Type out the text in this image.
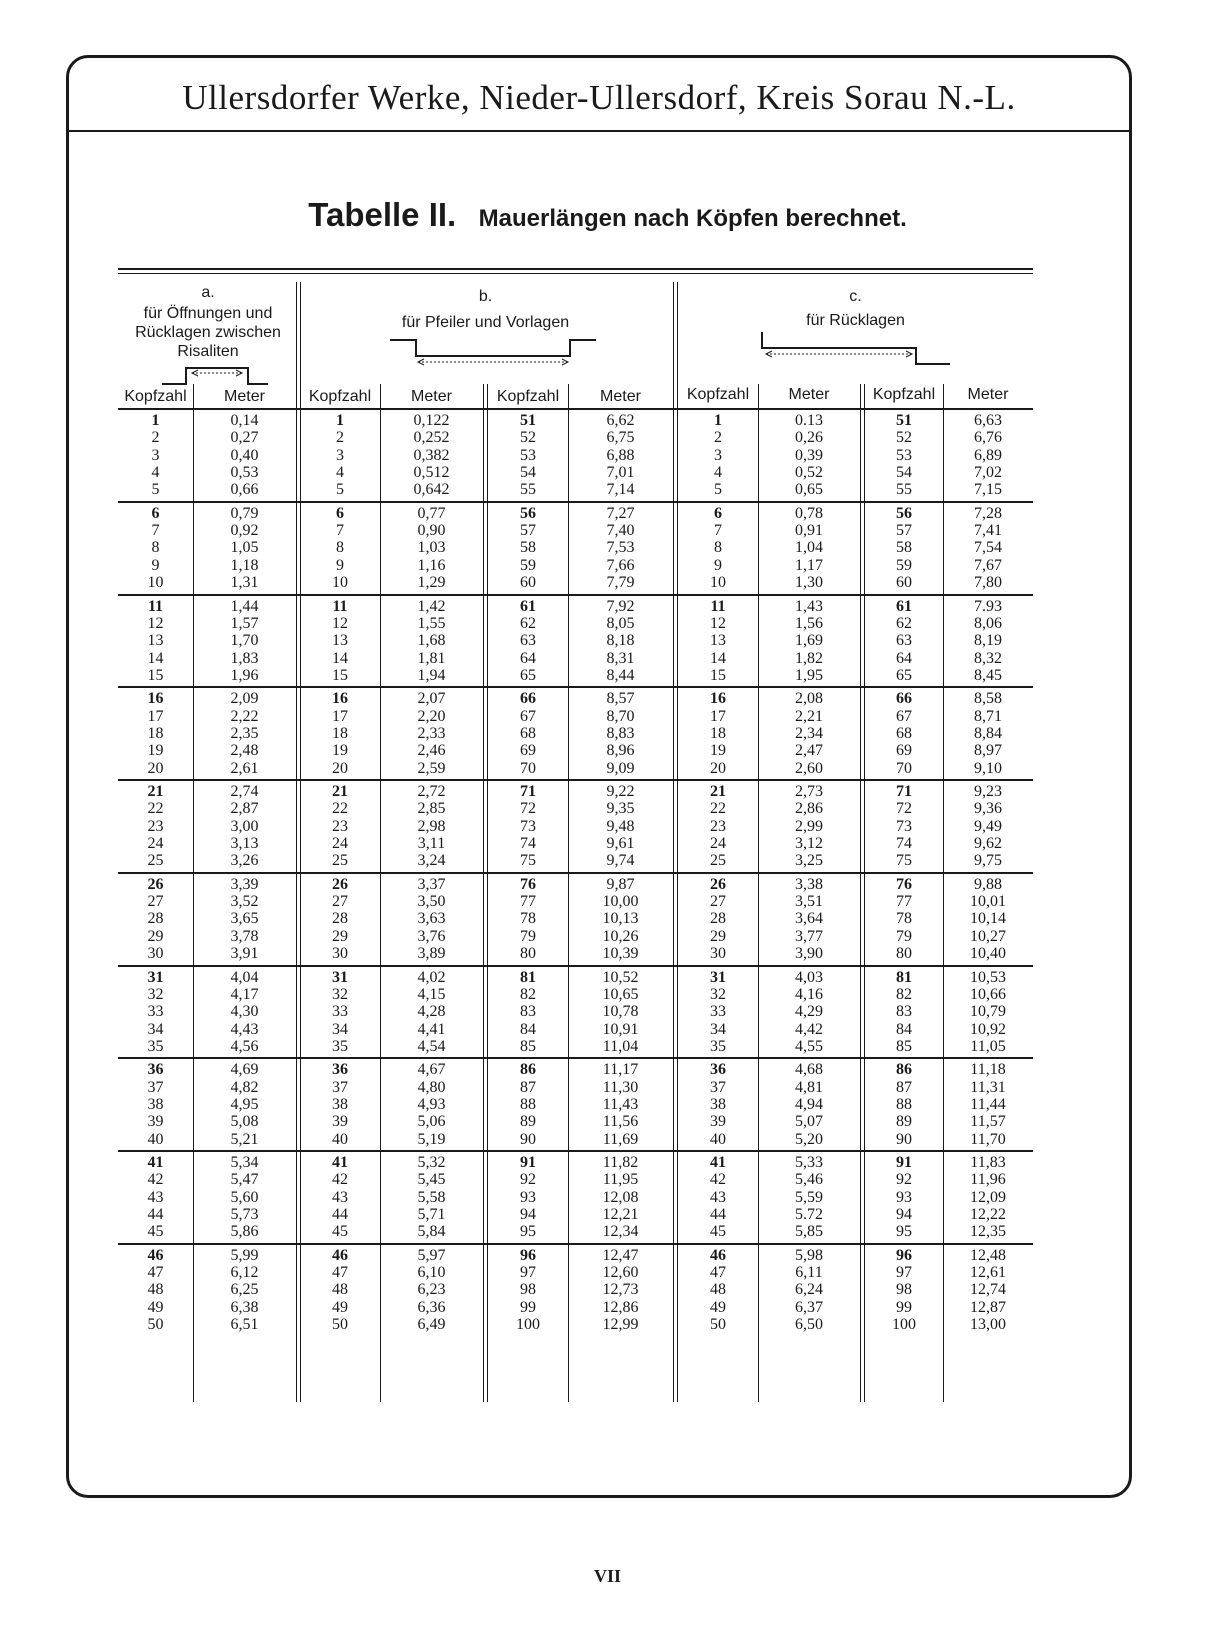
Ullersdorfer Werke, Nieder-Ullersdorf, Kreis Sorau N.-L.
Tabelle II. Mauerlängen nach Köpfen berechnet.
a.
für Öffnungen und Rücklagen zwischen Risaliten
b.
für Pfeiler und Vorlagen
c.
für Rücklagen
Kopfzahl	Meter	Kopfzahl	Meter	Kopfzahl	Meter	Kopfzahl	Meter	Kopfzahl	Meter
1	0,14	1	0,122	51	6,62	1	0.13	51	6,63
2	0,27	2	0,252	52	6,75	2	0,26	52	6,76
3	0,40	3	0,382	53	6,88	3	0,39	53	6,89
4	0,53	4	0,512	54	7,01	4	0,52	54	7,02
5	0,66	5	0,642	55	7,14	5	0,65	55	7,15
6	0,79	6	0,77	56	7,27	6	0,78	56	7,28
7	0,92	7	0,90	57	7,40	7	0,91	57	7,41
8	1,05	8	1,03	58	7,53	8	1,04	58	7,54
9	1,18	9	1,16	59	7,66	9	1,17	59	7,67
10	1,31	10	1,29	60	7,79	10	1,30	60	7,80
11	1,44	11	1,42	61	7,92	11	1,43	61	7.93
12	1,57	12	1,55	62	8,05	12	1,56	62	8,06
13	1,70	13	1,68	63	8,18	13	1,69	63	8,19
14	1,83	14	1,81	64	8,31	14	1,82	64	8,32
15	1,96	15	1,94	65	8,44	15	1,95	65	8,45
16	2,09	16	2,07	66	8,57	16	2,08	66	8,58
17	2,22	17	2,20	67	8,70	17	2,21	67	8,71
18	2,35	18	2,33	68	8,83	18	2,34	68	8,84
19	2,48	19	2,46	69	8,96	19	2,47	69	8,97
20	2,61	20	2,59	70	9,09	20	2,60	70	9,10
21	2,74	21	2,72	71	9,22	21	2,73	71	9,23
22	2,87	22	2,85	72	9,35	22	2,86	72	9,36
23	3,00	23	2,98	73	9,48	23	2,99	73	9,49
24	3,13	24	3,11	74	9,61	24	3,12	74	9,62
25	3,26	25	3,24	75	9,74	25	3,25	75	9,75
26	3,39	26	3,37	76	9,87	26	3,38	76	9,88
27	3,52	27	3,50	77	10,00	27	3,51	77	10,01
28	3,65	28	3,63	78	10,13	28	3,64	78	10,14
29	3,78	29	3,76	79	10,26	29	3,77	79	10,27
30	3,91	30	3,89	80	10,39	30	3,90	80	10,40
31	4,04	31	4,02	81	10,52	31	4,03	81	10,53
32	4,17	32	4,15	82	10,65	32	4,16	82	10,66
33	4,30	33	4,28	83	10,78	33	4,29	83	10,79
34	4,43	34	4,41	84	10,91	34	4,42	84	10,92
35	4,56	35	4,54	85	11,04	35	4,55	85	11,05
36	4,69	36	4,67	86	11,17	36	4,68	86	11,18
37	4,82	37	4,80	87	11,30	37	4,81	87	11,31
38	4,95	38	4,93	88	11,43	38	4,94	88	11,44
39	5,08	39	5,06	89	11,56	39	5,07	89	11,57
40	5,21	40	5,19	90	11,69	40	5,20	90	11,70
41	5,34	41	5,32	91	11,82	41	5,33	91	11,83
42	5,47	42	5,45	92	11,95	42	5,46	92	11,96
43	5,60	43	5,58	93	12,08	43	5,59	93	12,09
44	5,73	44	5,71	94	12,21	44	5.72	94	12,22
45	5,86	45	5,84	95	12,34	45	5,85	95	12,35
46	5,99	46	5,97	96	12,47	46	5,98	96	12,48
47	6,12	47	6,10	97	12,60	47	6,11	97	12,61
48	6,25	48	6,23	98	12,73	48	6,24	98	12,74
49	6,38	49	6,36	99	12,86	49	6,37	99	12,87
50	6,51	50	6,49	100	12,99	50	6,50	100	13,00
VII
